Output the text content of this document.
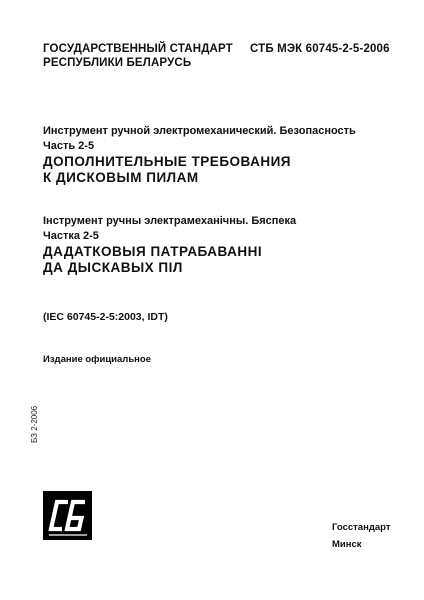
ГОСУДАРСТВЕННЫЙ СТАНДАРТ

РЕСПУБЛИКИ БЕЛАРУСЬ

СТБ МЭК 60745-2-5-2006

Инструмент ручной электромеханический. Безопасность

Часть 2-5

ДОПОЛНИТЕЛЬНЫЕ ТРЕБОВАНИЯ

К ДИСКОВЫМ ПИЛАМ

Інструмент ручны электрамеханічны. Бяспека

Частка 2-5

ДАДАТКОВЫЯ ПАТРАБАВАННІ

ДА ДЫСКАВЫХ ПІЛ

(IEC 60745-2-5:2003, IDT)

Издание официальное

БЗ 2-2006

Госстандарт

Минск
